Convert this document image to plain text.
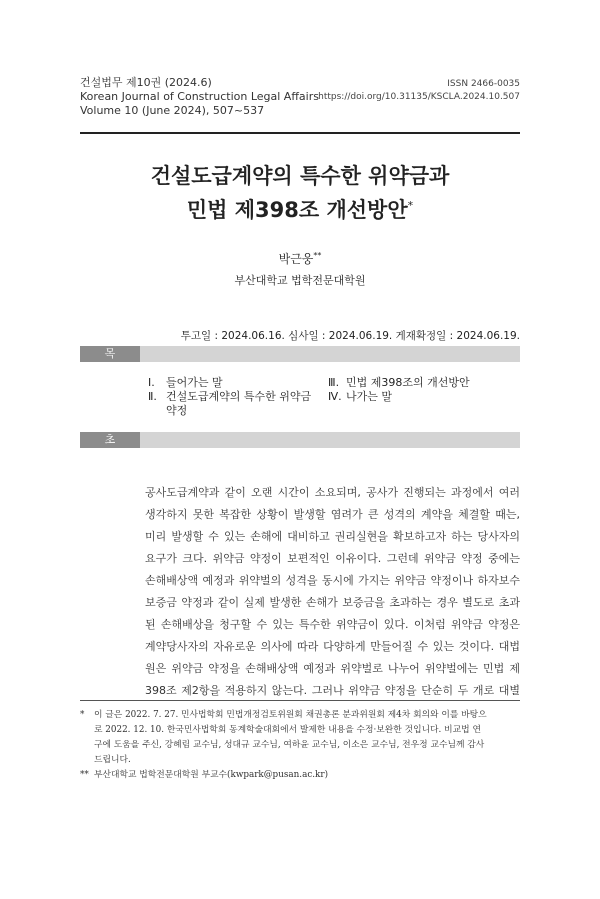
건설법무 제10권 (2024.6)
Korean Journal of Construction Legal Affairs
Volume 10 (June 2024), 507~537
ISSN 2466-0035
https://doi.org/10.31135/KSCLA.2024.10.507
건설도급계약의 특수한 위약금과
민법 제398조 개선방안*
박근웅**
부산대학교 법학전문대학원
투고일 : 2024.06.16. 심사일 : 2024.06.19. 게재확정일 : 2024.06.19.
목 차
Ⅰ.	들어가는 말
Ⅱ. 건설도급계약의 특수한 위약금
약정
Ⅲ. 민법 제398조의 개선방안
Ⅳ. 나가는 말
초 록
공사도급계약과 같이 오랜 시간이 소요되며, 공사가 진행되는 과정에서 여러
생각하지 못한 복잡한 상황이 발생할 염려가 큰 성격의 계약을 체결할 때는,
미리 발생할 수 있는 손해에 대비하고 권리실현을 확보하고자 하는 당사자의
요구가 크다. 위약금 약정이 보편적인 이유이다. 그런데 위약금 약정 중에는
손해배상액 예정과 위약벌의 성격을 동시에 가지는 위약금 약정이나 하자보수
보증금 약정과 같이 실제 발생한 손해가 보증금을 초과하는 경우 별도로 초과
된 손해배상을 청구할 수 있는 특수한 위약금이 있다. 이처럼 위약금 약정은
계약당사자의 자유로운 의사에 따라 다양하게 만들어질 수 있는 것이다. 대법
원은 위약금 약정을 손해배상액 예정과 위약벌로 나누어 위약벌에는 민법 제
398조 제2항을 적용하지 않는다. 그러나 위약금 약정을 단순히 두 개로 대별
*	이 글은 2022. 7. 27. 민사법학회 민법개정검토위원회 채권총론 분과위원회 제4차 회의와 이를 바탕으
로 2022. 12. 10. 한국민사법학회 동계학술대회에서 발제한 내용을 수정·보완한 것입니다. 비교법 연
구에 도움을 주신, 강혜림 교수님, 성대규 교수님, 여하윤 교수님, 이소은 교수님, 전우정 교수님께 감사
드립니다.
** 부산대학교 법학전문대학원 부교수(kwpark@pusan.ac.kr)
